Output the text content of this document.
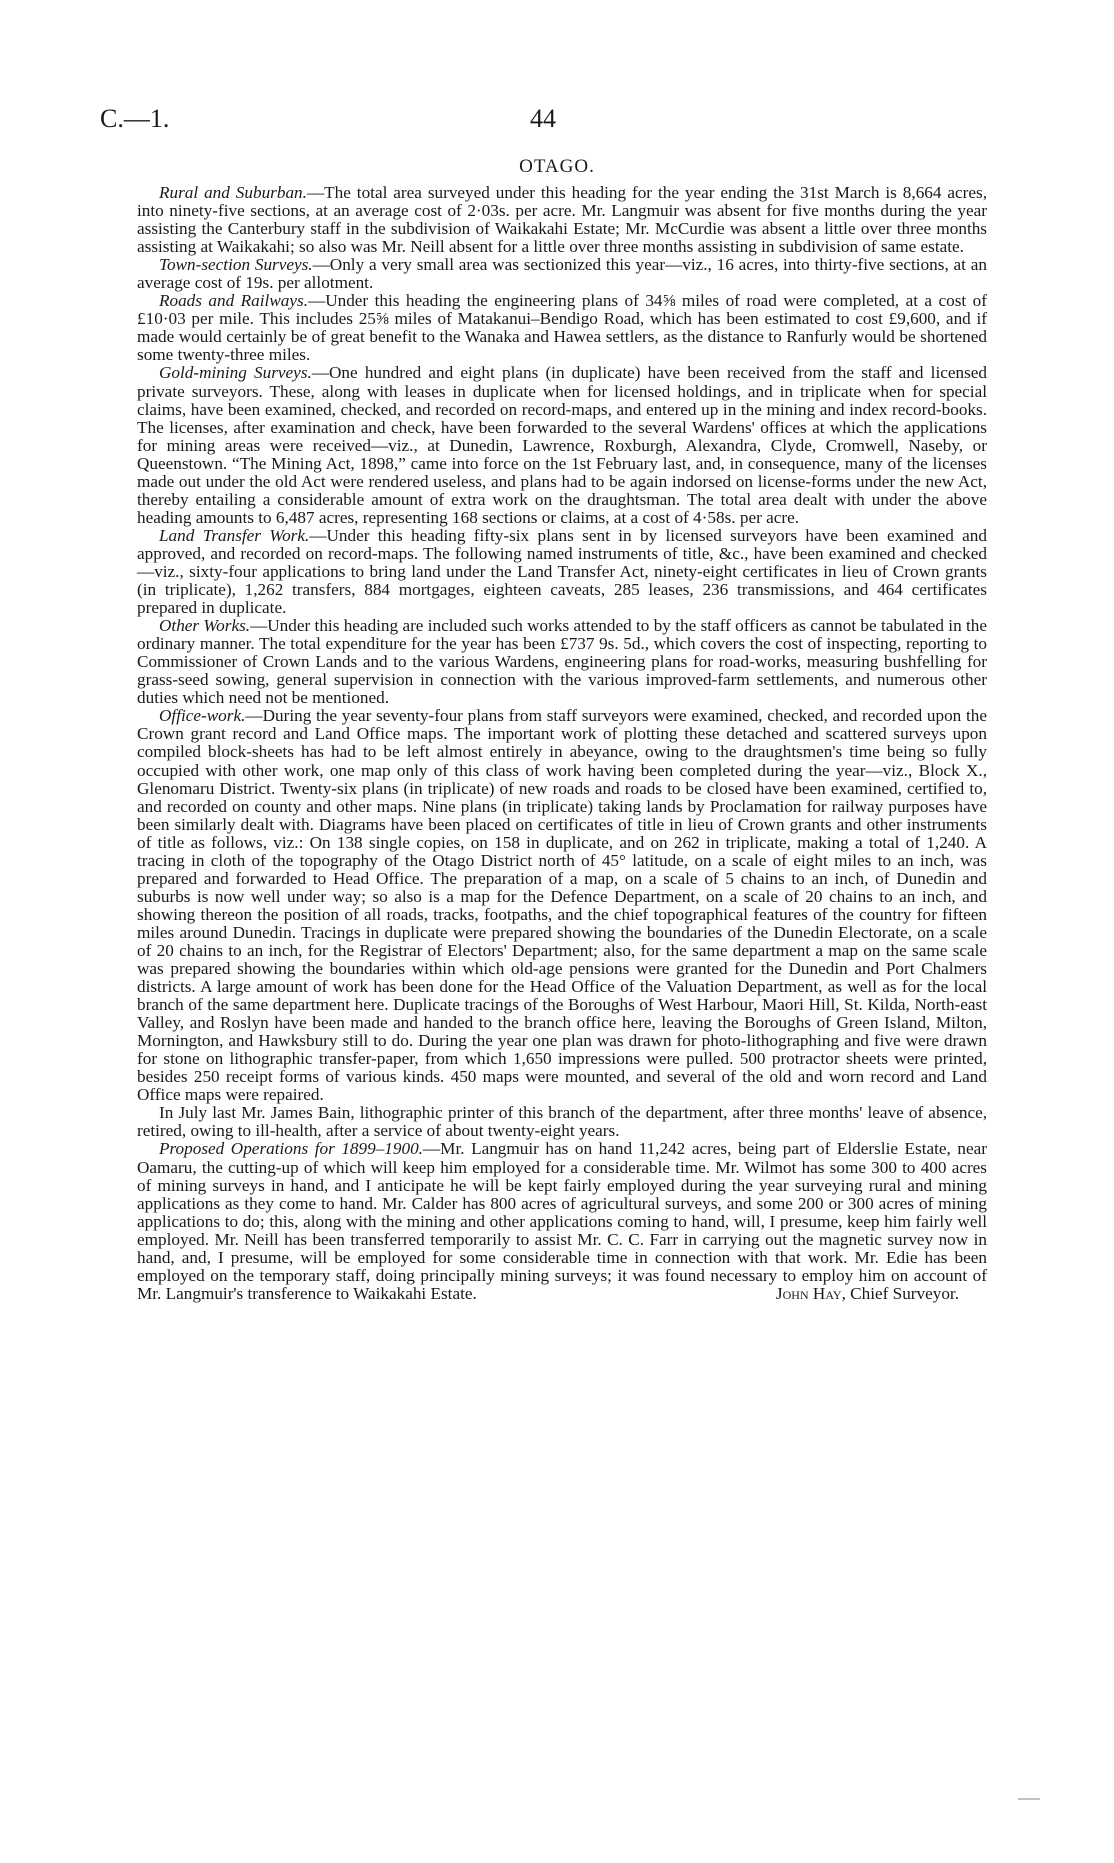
C.—1.	44
OTAGO.

Rural and Suburban.—The total area surveyed under this heading for the year ending the 31st March is 8,664 acres, into ninety-five sections, at an average cost of 2·03s. per acre. Mr. Langmuir was absent for five months during the year assisting the Canterbury staff in the subdivision of Waikakahi Estate; Mr. McCurdie was absent a little over three months assisting at Waikakahi; so also was Mr. Neill absent for a little over three months assisting in subdivision of same estate.

Town-section Surveys.—Only a very small area was sectionized this year—viz., 16 acres, into thirty-five sections, at an average cost of 19s. per allotment.

Roads and Railways.—Under this heading the engineering plans of 34⅝ miles of road were completed, at a cost of £10·03 per mile. This includes 25⅝ miles of Matakanui–Bendigo Road, which has been estimated to cost £9,600, and if made would certainly be of great benefit to the Wanaka and Hawea settlers, as the distance to Ranfurly would be shortened some twenty-three miles.

Gold-mining Surveys.—One hundred and eight plans (in duplicate) have been received from the staff and licensed private surveyors. These, along with leases in duplicate when for licensed holdings, and in triplicate when for special claims, have been examined, checked, and recorded on record-maps, and entered up in the mining and index record-books. The licenses, after examination and check, have been forwarded to the several Wardens' offices at which the applications for mining areas were received—viz., at Dunedin, Lawrence, Roxburgh, Alexandra, Clyde, Cromwell, Naseby, or Queenstown. “The Mining Act, 1898,” came into force on the 1st February last, and, in consequence, many of the licenses made out under the old Act were rendered useless, and plans had to be again indorsed on license-forms under the new Act, thereby entailing a considerable amount of extra work on the draughtsman. The total area dealt with under the above heading amounts to 6,487 acres, representing 168 sections or claims, at a cost of 4·58s. per acre.

Land Transfer Work.—Under this heading fifty-six plans sent in by licensed surveyors have been examined and approved, and recorded on record-maps. The following named instruments of title, &c., have been examined and checked—viz., sixty-four applications to bring land under the Land Transfer Act, ninety-eight certificates in lieu of Crown grants (in triplicate), 1,262 transfers, 884 mortgages, eighteen caveats, 285 leases, 236 transmissions, and 464 certificates prepared in duplicate.

Other Works.—Under this heading are included such works attended to by the staff officers as cannot be tabulated in the ordinary manner. The total expenditure for the year has been £737 9s. 5d., which covers the cost of inspecting, reporting to Commissioner of Crown Lands and to the various Wardens, engineering plans for road-works, measuring bushfelling for grass-seed sowing, general supervision in connection with the various improved-farm settlements, and numerous other duties which need not be mentioned.

Office-work.—During the year seventy-four plans from staff surveyors were examined, checked, and recorded upon the Crown grant record and Land Office maps. The important work of plotting these detached and scattered surveys upon compiled block-sheets has had to be left almost entirely in abeyance, owing to the draughtsmen's time being so fully occupied with other work, one map only of this class of work having been completed during the year—viz., Block X., Glenomaru District. Twenty-six plans (in triplicate) of new roads and roads to be closed have been examined, certified to, and recorded on county and other maps. Nine plans (in triplicate) taking lands by Proclamation for railway purposes have been similarly dealt with. Diagrams have been placed on certificates of title in lieu of Crown grants and other instruments of title as follows, viz.: On 138 single copies, on 158 in duplicate, and on 262 in triplicate, making a total of 1,240. A tracing in cloth of the topography of the Otago District north of 45° latitude, on a scale of eight miles to an inch, was prepared and forwarded to Head Office. The preparation of a map, on a scale of 5 chains to an inch, of Dunedin and suburbs is now well under way; so also is a map for the Defence Department, on a scale of 20 chains to an inch, and showing thereon the position of all roads, tracks, footpaths, and the chief topographical features of the country for fifteen miles around Dunedin. Tracings in duplicate were prepared showing the boundaries of the Dunedin Electorate, on a scale of 20 chains to an inch, for the Registrar of Electors' Department; also, for the same department a map on the same scale was prepared showing the boundaries within which old-age pensions were granted for the Dunedin and Port Chalmers districts. A large amount of work has been done for the Head Office of the Valuation Department, as well as for the local branch of the same department here. Duplicate tracings of the Boroughs of West Harbour, Maori Hill, St. Kilda, North-east Valley, and Roslyn have been made and handed to the branch office here, leaving the Boroughs of Green Island, Milton, Mornington, and Hawksbury still to do. During the year one plan was drawn for photo-lithographing and five were drawn for stone on lithographic transfer-paper, from which 1,650 impressions were pulled. 500 protractor sheets were printed, besides 250 receipt forms of various kinds. 450 maps were mounted, and several of the old and worn record and Land Office maps were repaired.

In July last Mr. James Bain, lithographic printer of this branch of the department, after three months' leave of absence, retired, owing to ill-health, after a service of about twenty-eight years.

Proposed Operations for 1899–1900.—Mr. Langmuir has on hand 11,242 acres, being part of Elderslie Estate, near Oamaru, the cutting-up of which will keep him employed for a considerable time. Mr. Wilmot has some 300 to 400 acres of mining surveys in hand, and I anticipate he will be kept fairly employed during the year surveying rural and mining applications as they come to hand. Mr. Calder has 800 acres of agricultural surveys, and some 200 or 300 acres of mining applications to do; this, along with the mining and other applications coming to hand, will, I presume, keep him fairly well employed. Mr. Neill has been transferred temporarily to assist Mr. C. C. Farr in carrying out the magnetic survey now in hand, and, I presume, will be employed for some considerable time in connection with that work. Mr. Edie has been employed on the temporary staff, doing principally mining surveys; it was found necessary to employ him on account of Mr. Langmuir's transference to Waikakahi Estate.	John Hay, Chief Surveyor.
